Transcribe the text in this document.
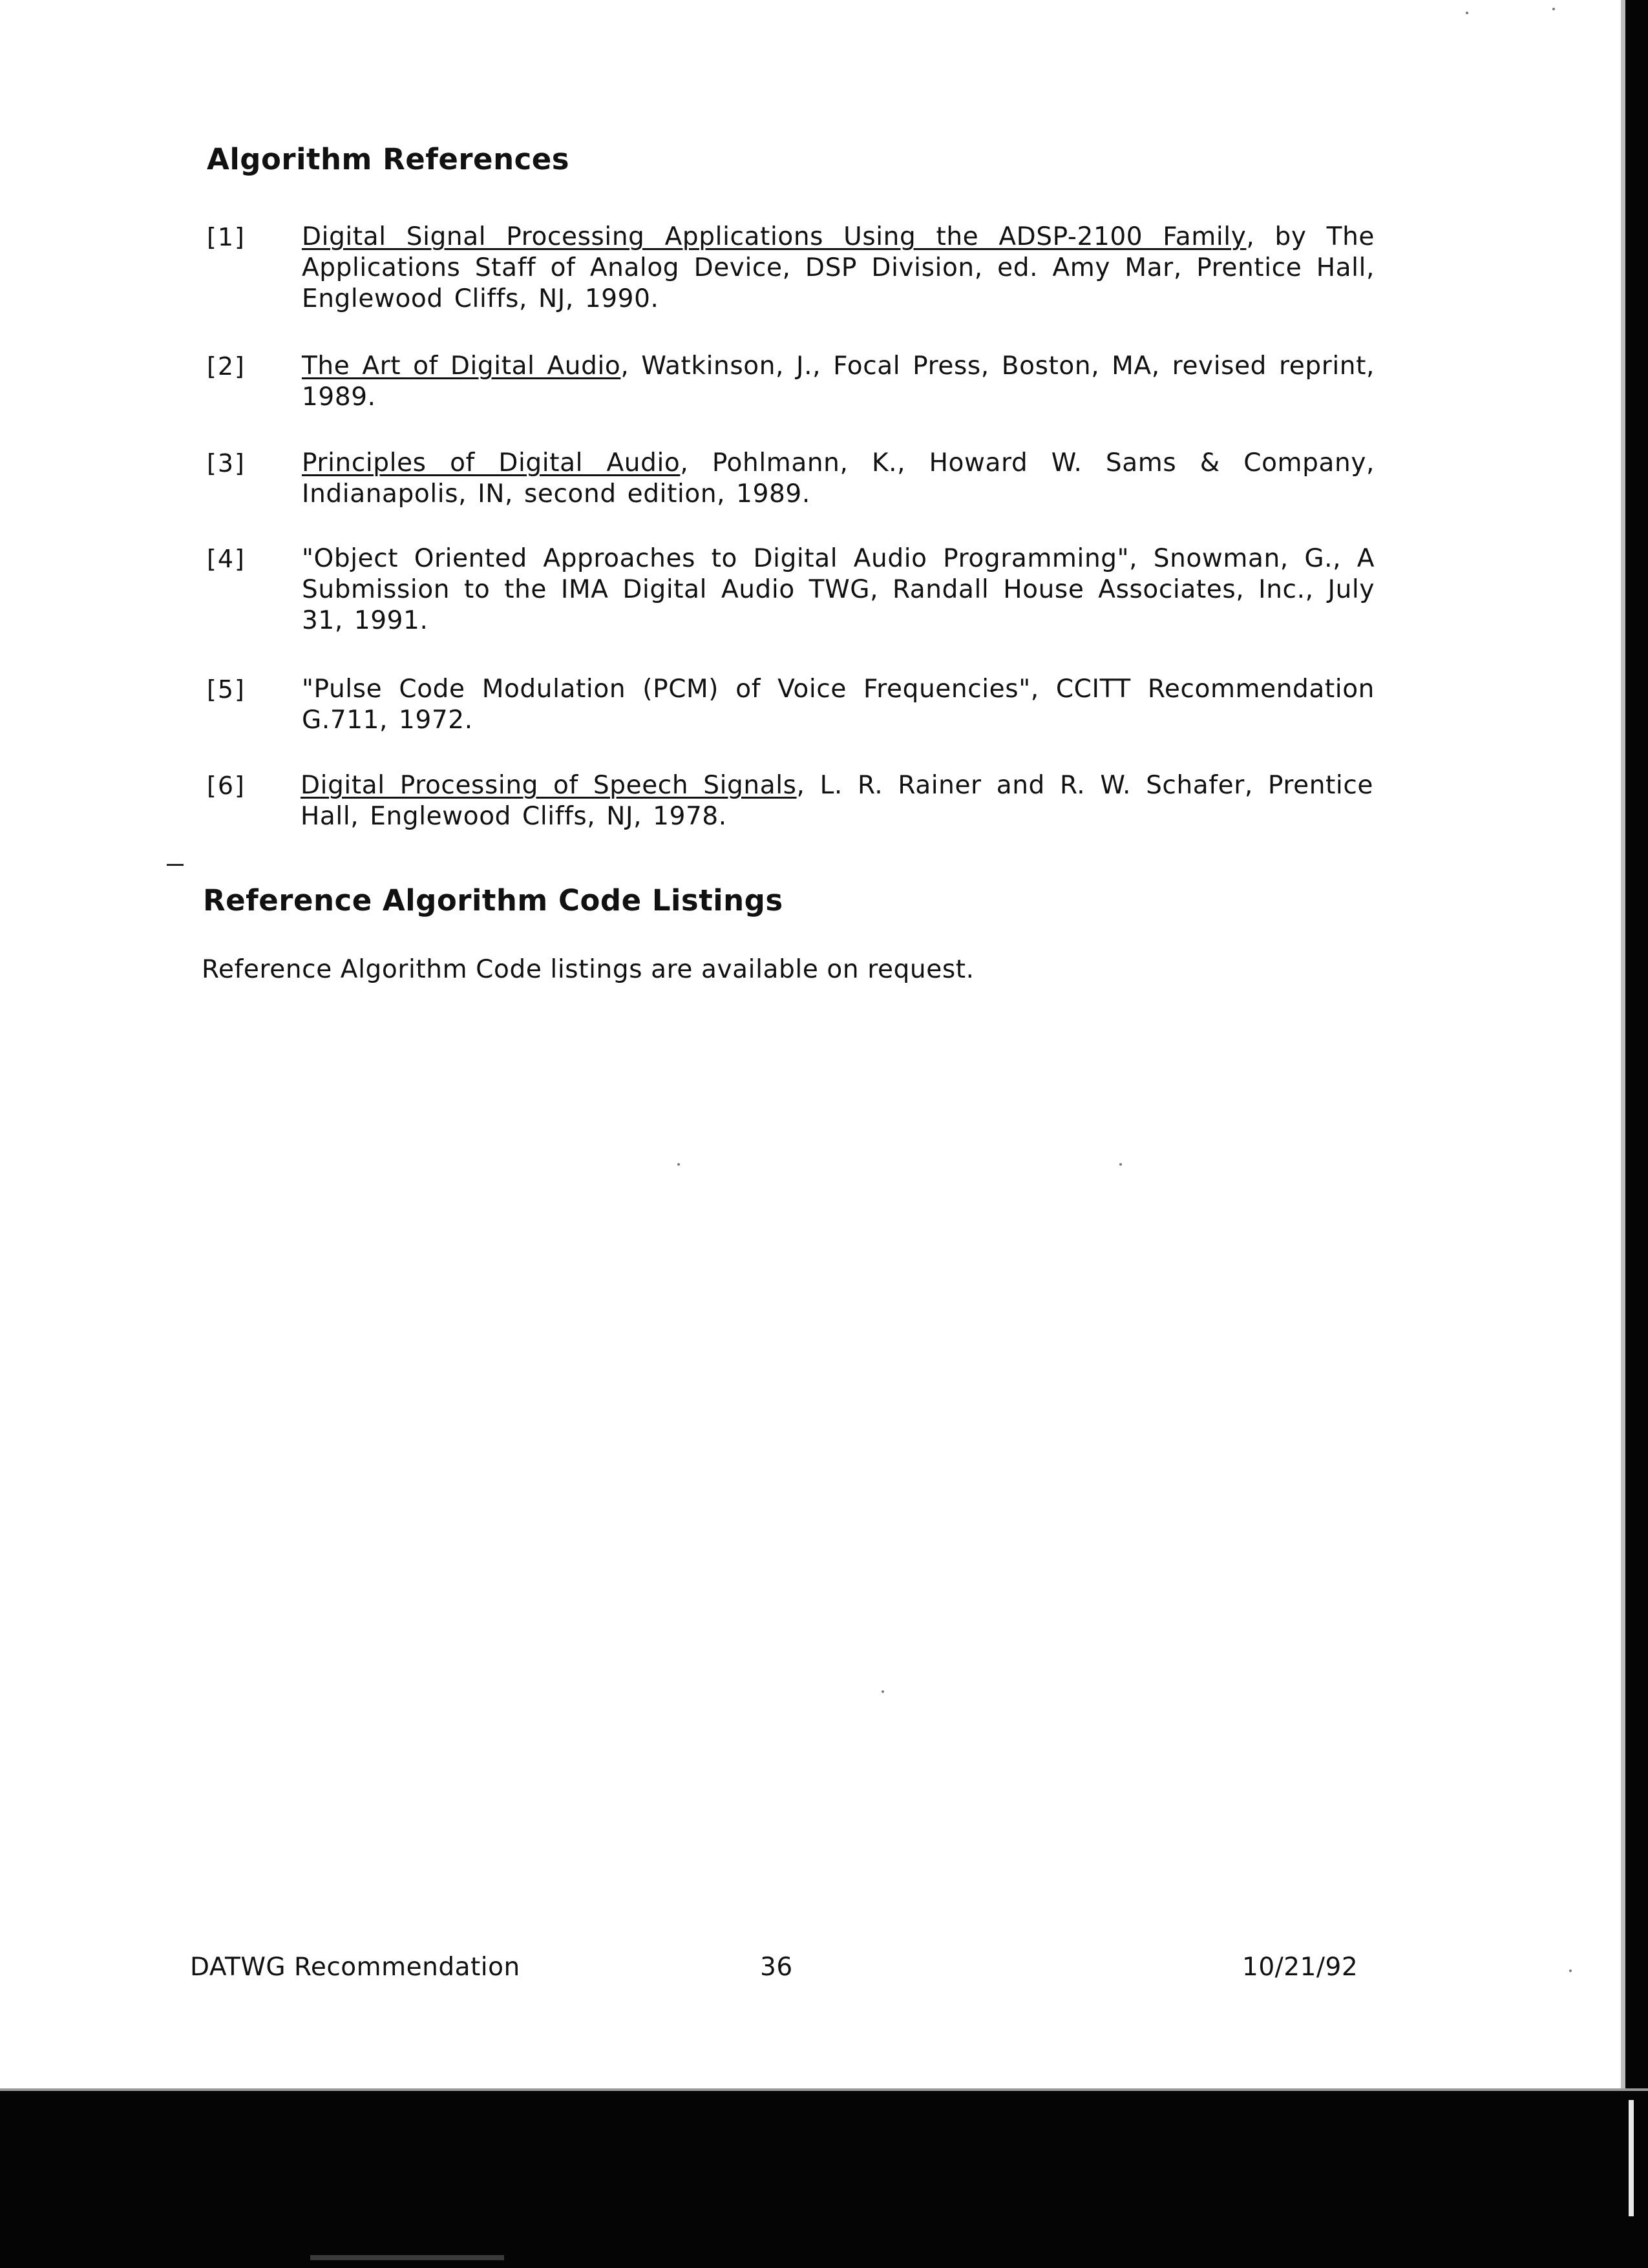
Algorithm References
[1] Digital Signal Processing Applications Using the ADSP-2100 Family, by The Applications Staff of Analog Device, DSP Division, ed. Amy Mar, Prentice Hall, Englewood Cliffs, NJ, 1990.
[2] The Art of Digital Audio, Watkinson, J., Focal Press, Boston, MA, revised reprint, 1989.
[3] Principles of Digital Audio, Pohlmann, K., Howard W. Sams & Company, Indianapolis, IN, second edition, 1989.
[4] "Object Oriented Approaches to Digital Audio Programming", Snowman, G., A Submission to the IMA Digital Audio TWG, Randall House Associates, Inc., July 31, 1991.
[5] "Pulse Code Modulation (PCM) of Voice Frequencies", CCITT Recommendation G.711, 1972.
[6] Digital Processing of Speech Signals, L. R. Rainer and R. W. Schafer, Prentice Hall, Englewood Cliffs, NJ, 1978.
Reference Algorithm Code Listings
Reference Algorithm Code listings are available on request.
DATWG Recommendation	36	10/21/92
